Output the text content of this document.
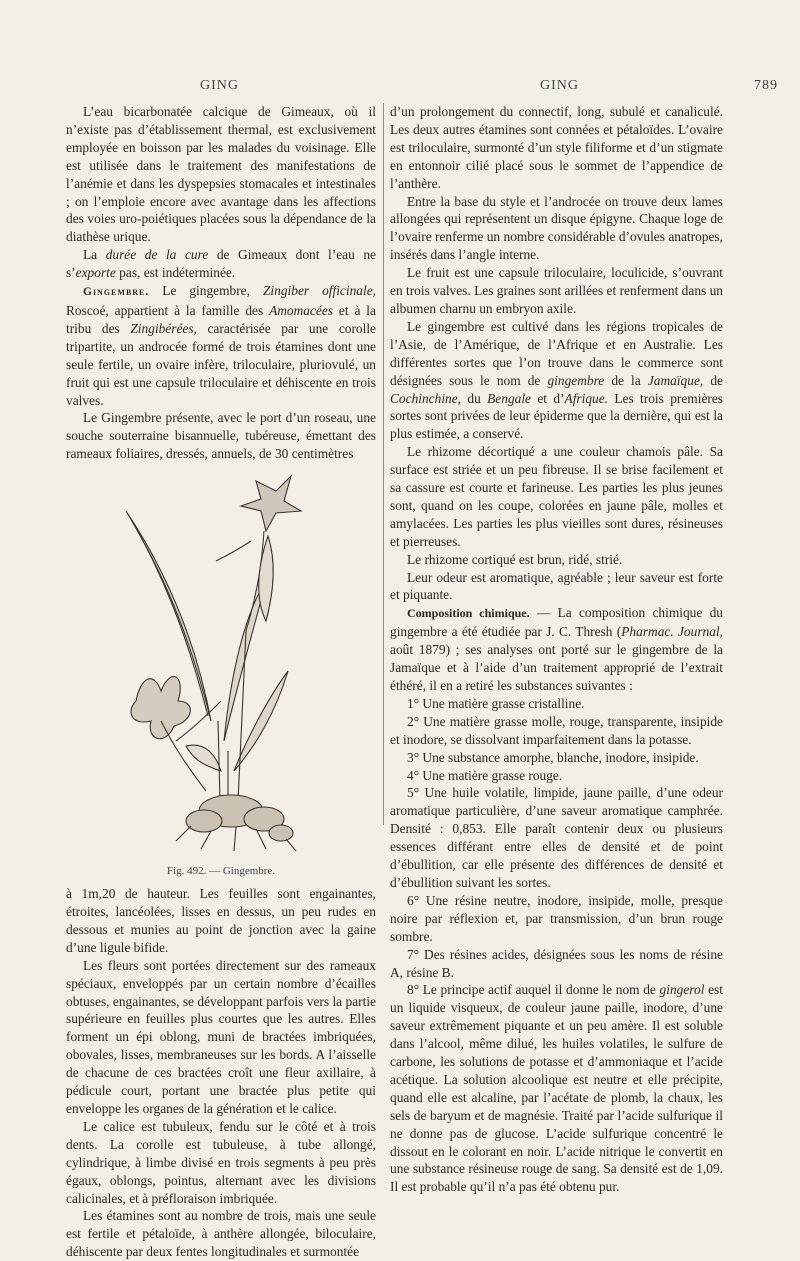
GING	GING	789

L’eau bicarbonatée calcique de Gimeaux, où il n’existe pas d’établissement thermal, est exclusivement employée en boisson par les malades du voisinage. Elle est utilisée dans le traitement des manifestations de l’anémie et dans les dyspepsies stomacales et intestinales ; on l’emploie encore avec avantage dans les affections des voies uro-poiétiques placées sous la dépendance de la diathèse urique.

La durée de la cure de Gimeaux dont l’eau ne s’exporte pas, est indéterminée.

Gingembre. Le gingembre, Zingiber officinale, Roscoé, appartient à la famille des Amomacées et à la tribu des Zingibérées, caractérisée par une corolle tripartite, un androcée formé de trois étamines dont une seule fertile, un ovaire infère, triloculaire, pluriovulé, un fruit qui est une capsule triloculaire et déhiscente en trois valves.

Le Gingembre présente, avec le port d’un roseau, une souche souterraine bisannuelle, tubéreuse, émettant des rameaux foliaires, dressés, annuels, de 30 centimètres

Fig. 492. — Gingembre.

à 1m,20 de hauteur. Les feuilles sont engainantes, étroites, lancéolées, lisses en dessus, un peu rudes en dessous et munies au point de jonction avec la gaine d’une ligule bifide.

Les fleurs sont portées directement sur des rameaux spéciaux, enveloppés par un certain nombre d’écailles obtuses, engainantes, se développant parfois vers la partie supérieure en feuilles plus courtes que les autres. Elles forment un épi oblong, muni de bractées imbriquées, obovales, lisses, membraneuses sur les bords. A l’aisselle de chacune de ces bractées croît une fleur axillaire, à pédicule court, portant une bractée plus petite qui enveloppe les organes de la génération et le calice.

Le calice est tubuleux, fendu sur le côté et à trois dents. La corolle est tubuleuse, à tube allongé, cylindrique, à limbe divisé en trois segments à peu près égaux, oblongs, pointus, alternant avec les divisions calicinales, et à préfloraison imbriquée.

Les étamines sont au nombre de trois, mais une seule est fertile et pétaloïde, à anthère allongée, biloculaire, déhiscente par deux fentes longitudinales et surmontée

d’un prolongement du connectif, long, subulé et canaliculé. Les deux autres étamines sont connées et pétaloïdes. L’ovaire est triloculaire, surmonté d’un style filiforme et d’un stigmate en entonnoir cilié placé sous le sommet de l’appendice de l’anthère.

Entre la base du style et l’androcée on trouve deux lames allongées qui représentent un disque épigyne. Chaque loge de l’ovaire renferme un nombre considérable d’ovules anatropes, insérés dans l’angle interne.

Le fruit est une capsule triloculaire, loculicide, s’ouvrant en trois valves. Les graines sont arillées et renferment dans un albumen charnu un embryon axile.

Le gingembre est cultivé dans les régions tropicales de l’Asie, de l’Amérique, de l’Afrique et en Australie. Les différentes sortes que l’on trouve dans le commerce sont désignées sous le nom de gingembre de la Jamaïque, de Cochinchine, du Bengale et d’Afrique. Les trois premières sortes sont privées de leur épiderme que la dernière, qui est la plus estimée, a conservé.

Le rhizome décortiqué a une couleur chamois pâle. Sa surface est striée et un peu fibreuse. Il se brise facilement et sa cassure est courte et farineuse. Les parties les plus jeunes sont, quand on les coupe, colorées en jaune pâle, molles et amylacées. Les parties les plus vieilles sont dures, résineuses et pierreuses.

Le rhizome cortiqué est brun, ridé, strié.

Leur odeur est aromatique, agréable ; leur saveur est forte et piquante.

Composition chimique. — La composition chimique du gingembre a été étudiée par J. C. Thresh (Pharmac. Journal, août 1879) ; ses analyses ont porté sur le gingembre de la Jamaïque et à l’aide d’un traitement approprié de l’extrait éthéré, il en a retiré les substances suivantes :

1° Une matière grasse cristalline.

2° Une matière grasse molle, rouge, transparente, insipide et inodore, se dissolvant imparfaitement dans la potasse.

3° Une substance amorphe, blanche, inodore, insipide.

4° Une matière grasse rouge.

5° Une huile volatile, limpide, jaune paille, d’une odeur aromatique particulière, d’une saveur aromatique camphrée. Densité : 0,853. Elle paraît contenir deux ou plusieurs essences différant entre elles de densité et de point d’ébullition, car elle présente des différences de densité et d’ébullition suivant les sortes.

6° Une résine neutre, inodore, insipide, molle, presque noire par réflexion et, par transmission, d’un brun rouge sombre.

7° Des résines acides, désignées sous les noms de résine A, résine B.

8° Le principe actif auquel il donne le nom de gingerol est un liquide visqueux, de couleur jaune paille, inodore, d’une saveur extrêmement piquante et un peu amère. Il est soluble dans l’alcool, même dilué, les huiles volatiles, le sulfure de carbone, les solutions de potasse et d’ammoniaque et l’acide acétique. La solution alcoolique est neutre et elle précipite, quand elle est alcaline, par l’acétate de plomb, la chaux, les sels de baryum et de magnésie. Traité par l’acide sulfurique il ne donne pas de glucose. L’acide sulfurique concentré le dissout en le colorant en noir. L’acide nitrique le convertit en une substance résineuse rouge de sang. Sa densité est de 1,09. Il est probable qu’il n’a pas été obtenu pur.
